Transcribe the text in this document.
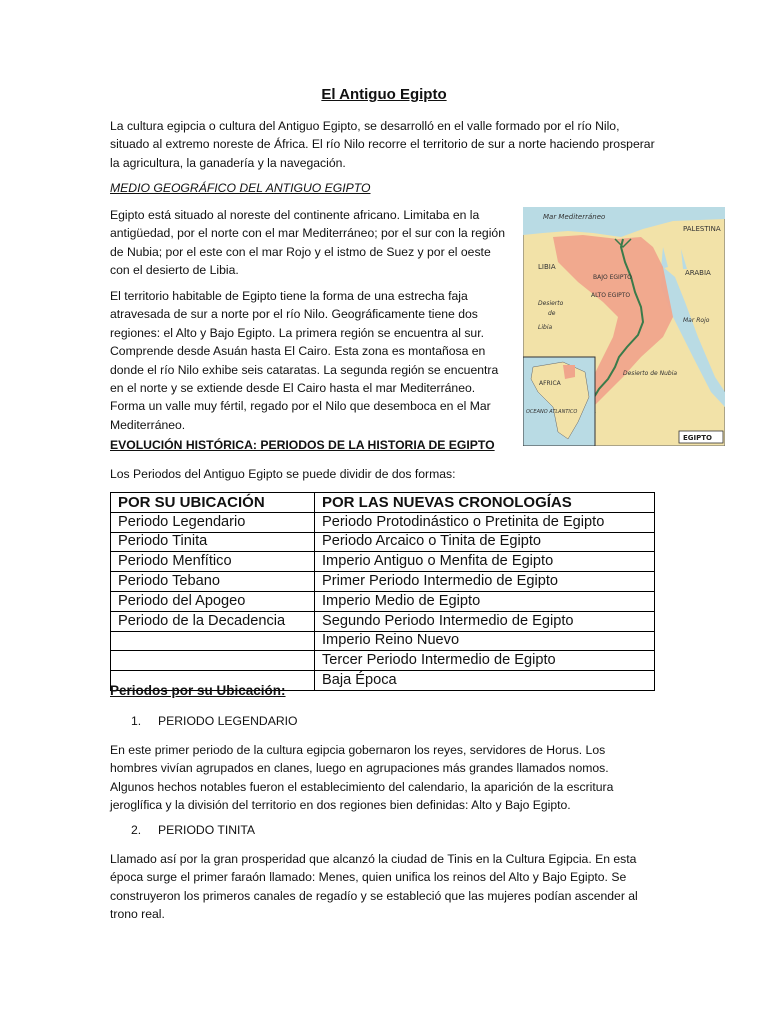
El Antiguo Egipto
La cultura egipcia o cultura del Antiguo Egipto, se desarrolló en el valle formado por el río Nilo, situado al extremo noreste de África. El río Nilo recorre el territorio de sur a norte haciendo prosperar la agricultura, la ganadería y la navegación.
MEDIO GEOGRÁFICO DEL ANTIGUO EGIPTO
Egipto está situado al noreste del continente africano. Limitaba en la antigüedad, por el norte con el mar Mediterráneo; por el sur con la región de Nubia; por el este con el mar Rojo y el istmo de Suez y por el oeste con el desierto de Libia.
El territorio habitable de Egipto tiene la forma de una estrecha faja atravesada de sur a norte por el río Nilo. Geográficamente tiene dos regiones: el Alto y Bajo Egipto. La primera región se encuentra al sur. Comprende desde Asuán hasta El Cairo. Esta zona es montañosa en donde el río Nilo exhibe seis cataratas. La segunda región se encuentra en el norte y se extiende desde El Cairo hasta el mar Mediterráneo. Forma un valle muy fértil, regado por el Nilo que desemboca en el Mar Mediterráneo.
Mar Mediterráneo
PALESTINA
LIBIA
ARABIA
BAJO EGIPTO
ALTO EGIPTO
Desierto
de
Libia
Mar Rojo
Desierto de Nubia
AFRICA
OCEANO ATLANTICO
EGIPTO
EVOLUCIÓN HISTÓRICA: PERIODOS DE LA HISTORIA DE EGIPTO
Los Periodos del Antiguo Egipto se puede dividir de dos formas:
POR SU UBICACIÓN	POR LAS NUEVAS CRONOLOGÍAS
Periodo Legendario	Periodo Protodinástico o Pretinita de Egipto
Periodo Tinita	Periodo Arcaico o Tinita de Egipto
Periodo Menfítico	Imperio Antiguo o Menfita de Egipto
Periodo Tebano	Primer Periodo Intermedio de Egipto
Periodo del Apogeo	Imperio Medio de Egipto
Periodo de la Decadencia	Segundo Periodo Intermedio de Egipto
	Imperio Reino Nuevo
	Tercer Periodo Intermedio de Egipto
	Baja Época
Periodos por su Ubicación:
1. PERIODO LEGENDARIO
En este primer periodo de la cultura egipcia gobernaron los reyes, servidores de Horus. Los hombres vivían agrupados en clanes, luego en agrupaciones más grandes llamados nomos. Algunos hechos notables fueron el establecimiento del calendario, la aparición de la escritura jeroglífica y la división del territorio en dos regiones bien definidas: Alto y Bajo Egipto.
2. PERIODO TINITA
Llamado así por la gran prosperidad que alcanzó la ciudad de Tinis en la Cultura Egipcia. En esta época surge el primer faraón llamado: Menes, quien unifica los reinos del Alto y Bajo Egipto. Se construyeron los primeros canales de regadío y se estableció que las mujeres podían ascender al trono real.
